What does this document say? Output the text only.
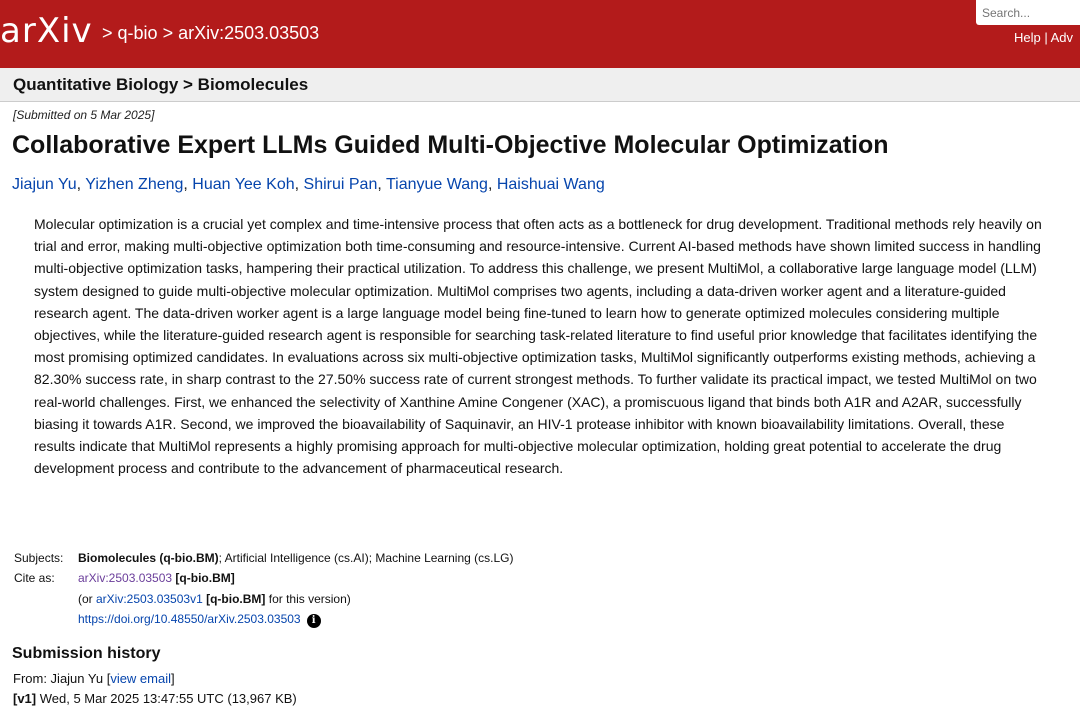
arXiv > q-bio > arXiv:2503.03503
Search...	Help | Adv
Quantitative Biology > Biomolecules
[Submitted on 5 Mar 2025]
Collaborative Expert LLMs Guided Multi-Objective Molecular Optimization
Jiajun Yu, Yizhen Zheng, Huan Yee Koh, Shirui Pan, Tianyue Wang, Haishuai Wang

Molecular optimization is a crucial yet complex and time-intensive process that often acts as a bottleneck for drug development. Traditional methods rely heavily on trial and error, making multi-objective optimization both time-consuming and resource-intensive. Current AI-based methods have shown limited success in handling multi-objective optimization tasks, hampering their practical utilization. To address this challenge, we present MultiMol, a collaborative large language model (LLM) system designed to guide multi-objective molecular optimization. MultiMol comprises two agents, including a data-driven worker agent and a literature-guided research agent. The data-driven worker agent is a large language model being fine-tuned to learn how to generate optimized molecules considering multiple objectives, while the literature-guided research agent is responsible for searching task-related literature to find useful prior knowledge that facilitates identifying the most promising optimized candidates. In evaluations across six multi-objective optimization tasks, MultiMol significantly outperforms existing methods, achieving a 82.30% success rate, in sharp contrast to the 27.50% success rate of current strongest methods. To further validate its practical impact, we tested MultiMol on two real-world challenges. First, we enhanced the selectivity of Xanthine Amine Congener (XAC), a promiscuous ligand that binds both A1R and A2AR, successfully biasing it towards A1R. Second, we improved the bioavailability of Saquinavir, an HIV-1 protease inhibitor with known bioavailability limitations. Overall, these results indicate that MultiMol represents a highly promising approach for multi-objective molecular optimization, holding great potential to accelerate the drug development process and contribute to the advancement of pharmaceutical research.

Subjects:	Biomolecules (q-bio.BM); Artificial Intelligence (cs.AI); Machine Learning (cs.LG)
Cite as:	arXiv:2503.03503 [q-bio.BM]
(or arXiv:2503.03503v1 [q-bio.BM] for this version)
https://doi.org/10.48550/arXiv.2503.03503 i
Submission history
From: Jiajun Yu [view email]
[v1] Wed, 5 Mar 2025 13:47:55 UTC (13,967 KB)
